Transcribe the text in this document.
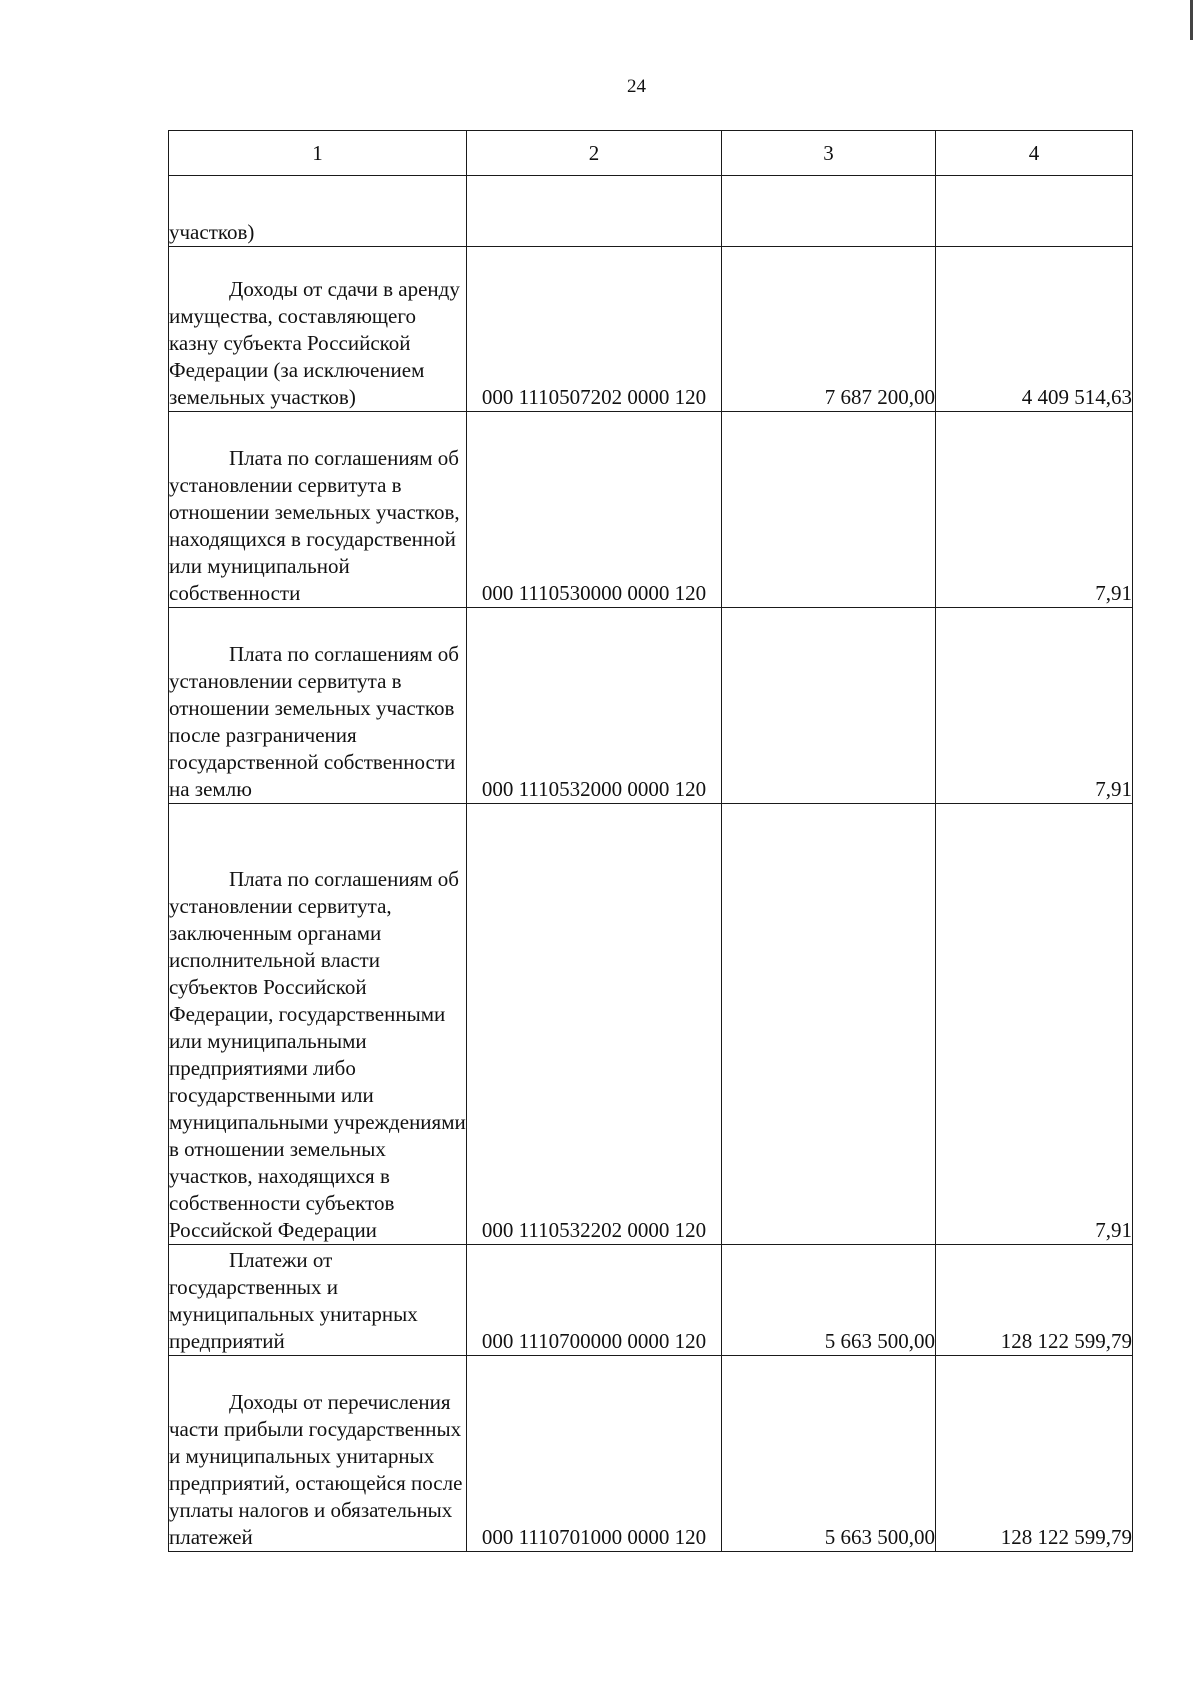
24
1	2	3	4
участков)			

Доходы от сдачи в аренду имущества, составляющего казну субъекта Российской Федерации (за исключением земельных участков)	000 1110507202 0000 120	7 687 200,00	4 409 514,63

Плата по соглашениям об установлении сервитута в отношении земельных участков, находящихся в государственной или муниципальной собственности	000 1110530000 0000 120		7,91

Плата по соглашениям об установлении сервитута в отношении земельных участков после разграничения государственной собственности на землю	000 1110532000 0000 120		7,91

Плата по соглашениям об установлении сервитута, заключенным органами исполнительной власти субъектов Российской Федерации, государственными или муниципальными предприятиями либо государственными или муниципальными учреждениями в отношении земельных участков, находящихся в собственности субъектов Российской Федерации	000 1110532202 0000 120		7,91

Платежи от государственных и муниципальных унитарных предприятий	000 1110700000 0000 120	5 663 500,00	128 122 599,79

Доходы от перечисления части прибыли государственных и муниципальных унитарных предприятий, остающейся после уплаты налогов и обязательных платежей	000 1110701000 0000 120	5 663 500,00	128 122 599,79
